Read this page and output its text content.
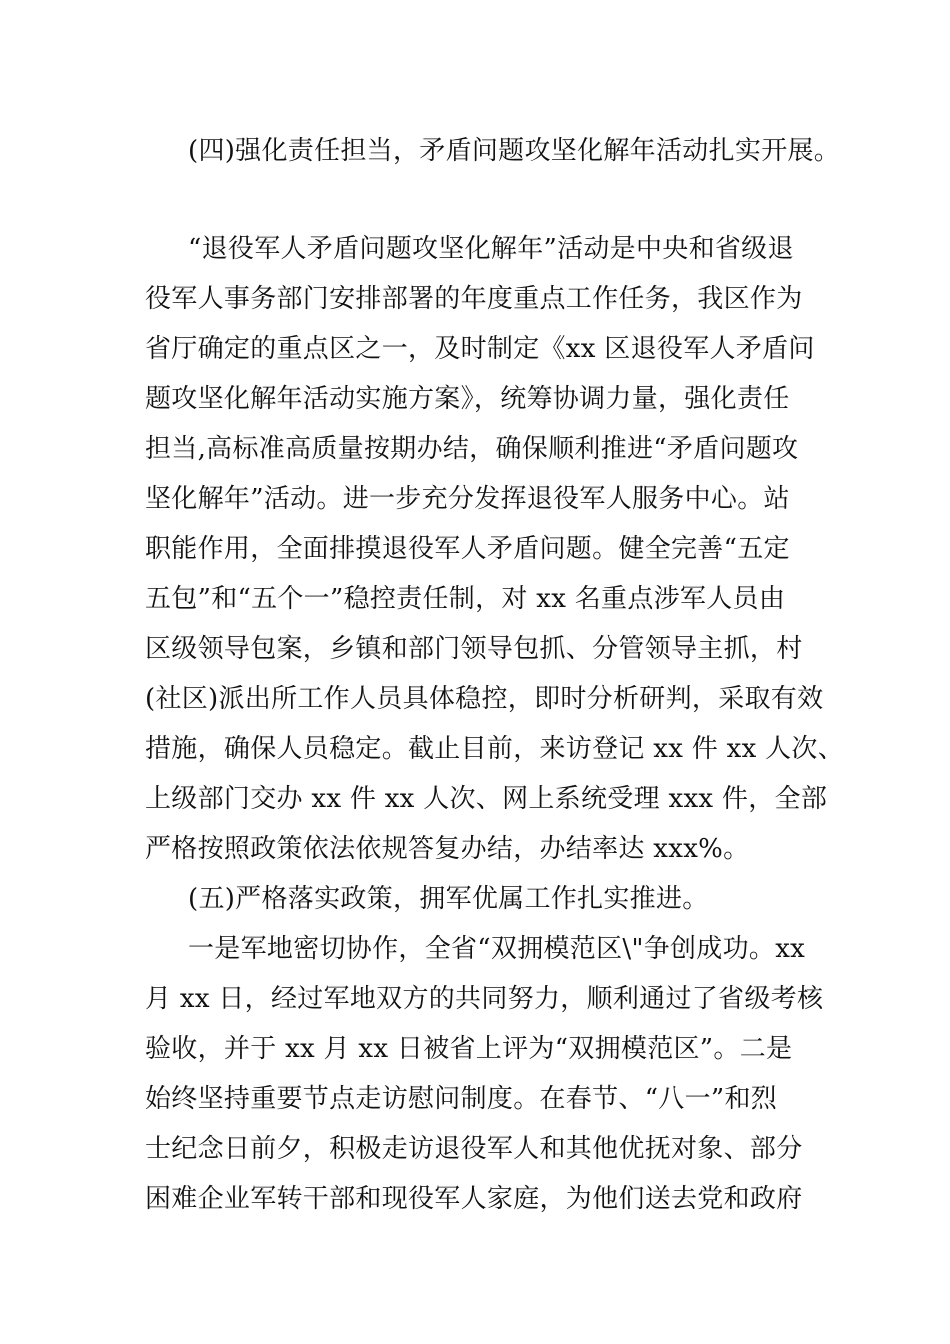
(四)强化责任担当，矛盾问题攻坚化解年活动扎实开展。
“退役军人矛盾问题攻坚化解年”活动是中央和省级退
役军人事务部门安排部署的年度重点工作任务，我区作为
省厅确定的重点区之一，及时制定《xx 区退役军人矛盾问
题攻坚化解年活动实施方案》，统筹协调力量，强化责任
担当,高标准高质量按期办结，确保顺利推进“矛盾问题攻
坚化解年”活动。进一步充分发挥退役军人服务中心。站
职能作用，全面排摸退役军人矛盾问题。健全完善“五定
五包”和“五个一”稳控责任制，对 xx 名重点涉军人员由
区级领导包案，乡镇和部门领导包抓、分管领导主抓，村
(社区)派出所工作人员具体稳控，即时分析研判，采取有效
措施，确保人员稳定。截止目前，来访登记 xx 件 xx 人次、
上级部门交办 xx 件 xx 人次、网上系统受理 xxx 件，全部
严格按照政策依法依规答复办结，办结率达 xxx%。
(五)严格落实政策，拥军优属工作扎实推进。
一是军地密切协作，全省“双拥模范区\"争创成功。xx
月 xx 日，经过军地双方的共同努力，顺利通过了省级考核
验收，并于 xx 月 xx 日被省上评为“双拥模范区”。二是
始终坚持重要节点走访慰问制度。在春节、“八一”和烈
士纪念日前夕，积极走访退役军人和其他优抚对象、部分
困难企业军转干部和现役军人家庭，为他们送去党和政府
